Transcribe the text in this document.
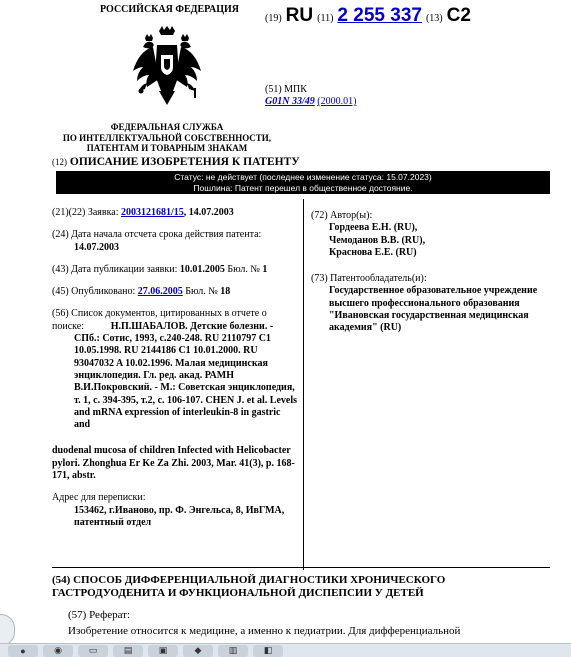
РОССИЙСКАЯ ФЕДЕРАЦИЯ
(19) RU (11) 2 255 337 (13) C2
(51) МПК
G01N 33/49 (2000.01)
ФЕДЕРАЛЬНАЯ СЛУЖБА
ПО ИНТЕЛЛЕКТУАЛЬНОЙ СОБСТВЕННОСТИ,
ПАТЕНТАМ И ТОВАРНЫМ ЗНАКАМ
(12) ОПИСАНИЕ ИЗОБРЕТЕНИЯ К ПАТЕНТУ
Статус: не действует (последнее изменение статуса: 15.07.2023)
Пошлина: Патент перешел в общественное достояние.
(21)(22) Заявка: 2003121681/15, 14.07.2003
(24) Дата начала отсчета срока действия патента:
14.07.2003
(43) Дата публикации заявки: 10.01.2005 Бюл. № 1
(45) Опубликовано: 27.06.2005 Бюл. № 18
(56) Список документов, цитированных в отчете о поиске:	Н.П.ШАБАЛОВ. Детские болезни. - СПб.: Сотис, 1993, с.240-248. RU 2110797 C1 10.05.1998. RU 2144186 C1 10.01.2000. RU 93047032 A 10.02.1996. Малая медицинская энциклопедия. Гл. ред. акад. РАМН В.И.Покровский. - М.: Советская энциклопедия, т. 1, с. 394-395, т.2, с. 106-107. CHEN J. et al. Levels and mRNA expression of interleukin-8 in gastric and
duodenal mucosa of children Infected with Helicobacter pylori. Zhonghua Er Ke Za Zhi. 2003, Mar. 41(3), p. 168-171, abstr.
Адрес для переписки:
153462, г.Иваново, пр. Ф. Энгельса, 8, ИвГМА, патентный отдел
(72) Автор(ы):
Гордеева Е.Н. (RU),
Чемоданов В.В. (RU),
Краснова Е.Е. (RU)
(73) Патентообладатель(и):
Государственное образовательное учреждение высшего профессионального образования "Ивановская государственная медицинская академия" (RU)
(54) СПОСОБ ДИФФЕРЕНЦИАЛЬНОЙ ДИАГНОСТИКИ ХРОНИЧЕСКОГО ГАСТРОДУОДЕНИТА И ФУНКЦИОНАЛЬНОЙ ДИСПЕПСИИ У ДЕТЕЙ
(57) Реферат:
Изобретение относится к медицине, а именно к педиатрии. Для дифференциальной
●	◉	▭	▤	▣	◆	▥	◧
